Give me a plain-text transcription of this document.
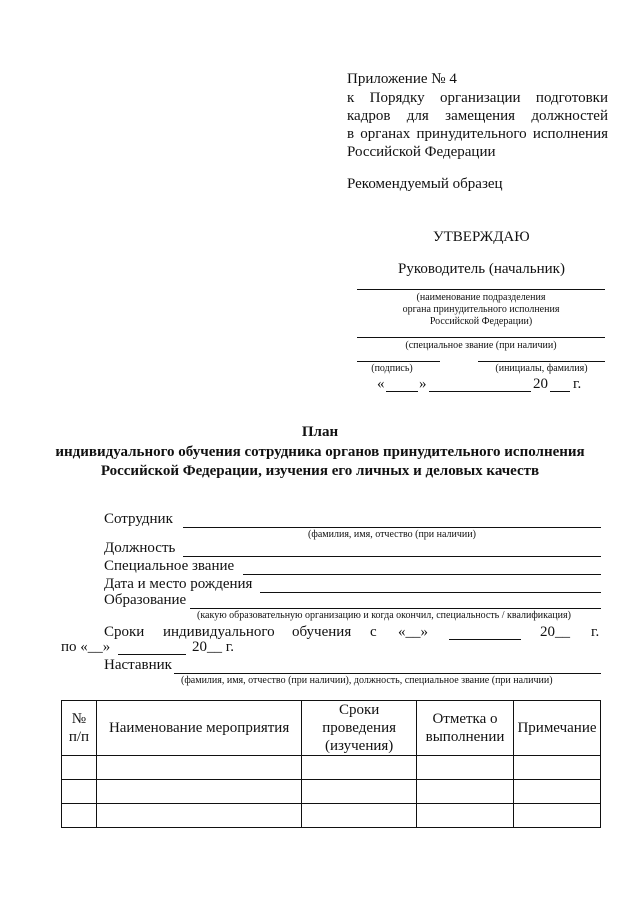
Приложение № 4
к Порядку организации подготовки
кадров для замещения должностей
в органах принудительного исполнения
Российской Федерации
Рекомендуемый образец
УТВЕРЖДАЮ
Руководитель (начальник)
(наименование подразделения
органа принудительного исполнения
Российской Федерации)
(специальное звание (при наличии)
(подпись)	(инициалы, фамилия)
« »	20 г.
План
индивидуального обучения сотрудника органов принудительного исполнения
Российской Федерации, изучения его личных и деловых качеств
Сотрудник
(фамилия, имя, отчество (при наличии)
Должность
Специальное звание
Дата и место рождения
Образование
(какую образовательную организацию и когда окончил, специальность / квалификация)
Сроки индивидуального обучения с «__»	20__ г.
по «__»	20__ г.
Наставник
(фамилия, имя, отчество (при наличии), должность, специальное звание (при наличии)
№ п/п	Наименование мероприятия	Сроки проведения (изучения)	Отметка о выполнении	Примечание
